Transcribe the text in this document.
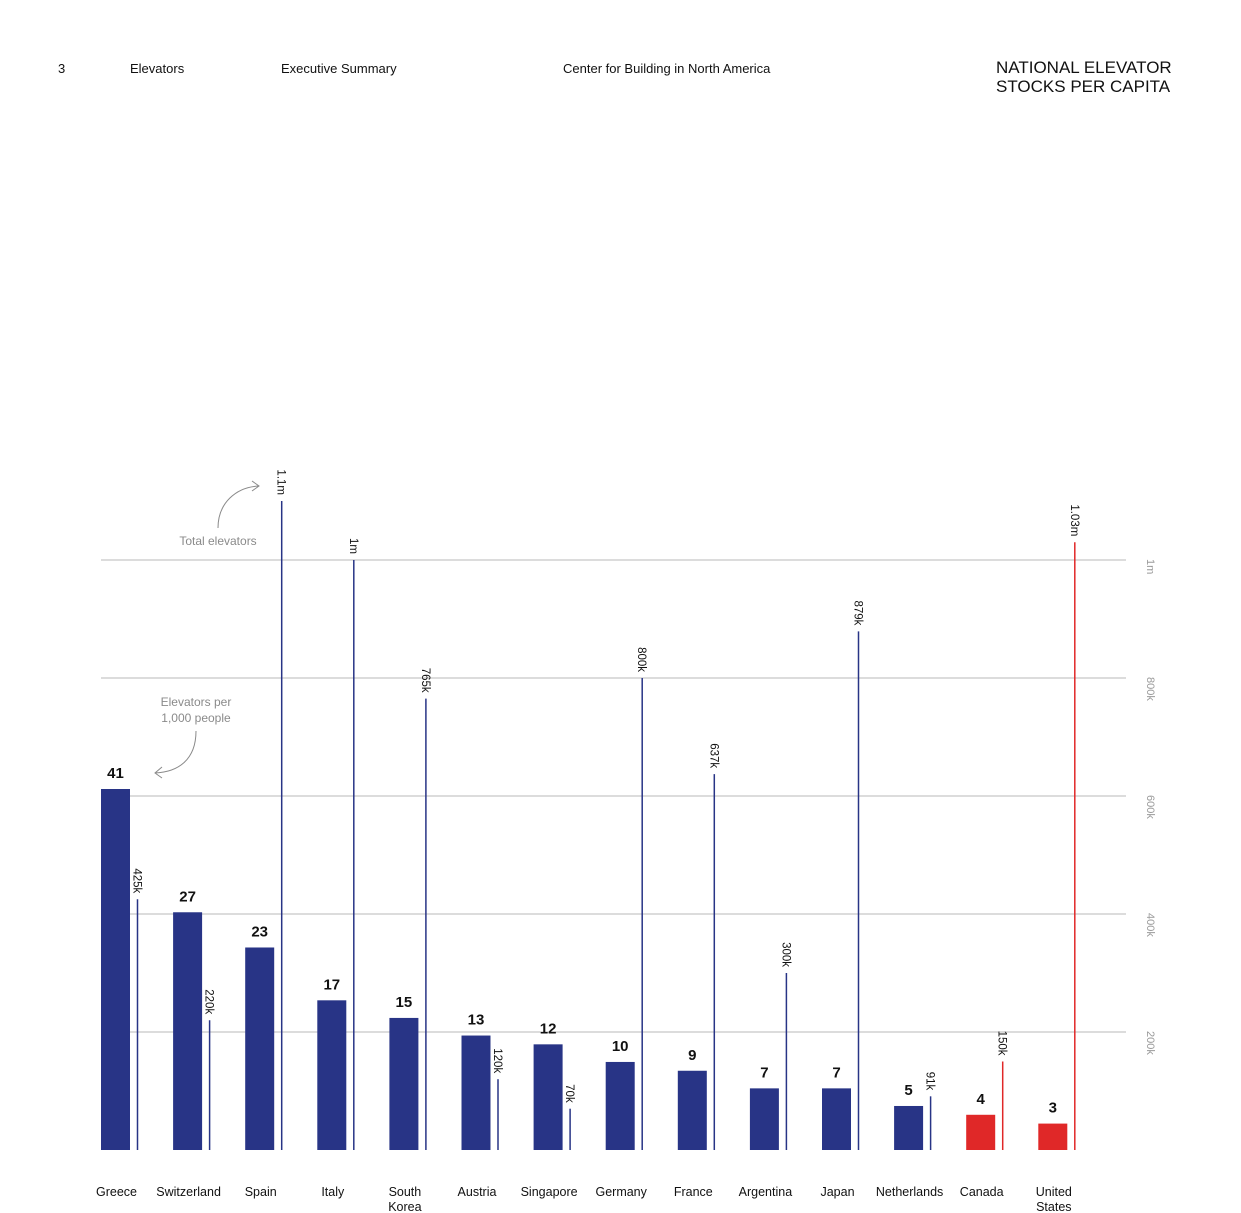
3	Elevators	Executive Summary	Center for Building in North America	NATIONAL ELEVATOR
STOCKS PER CAPITA
200k
400k
600k
800k
1m
41
27
23
17
15
13
12
10
9
7	7
5
4
3
425k
220k
1.1m
1m
765k
120k
70k
800k
637k
300k
879k
91k
150k
1.03m
Greece Switzerland Spain	Italy	South
Korea
Austria Singapore Germany France Argentina Japan Netherlands Canada	United
States
Elevators per
1,000 people
Total elevators
